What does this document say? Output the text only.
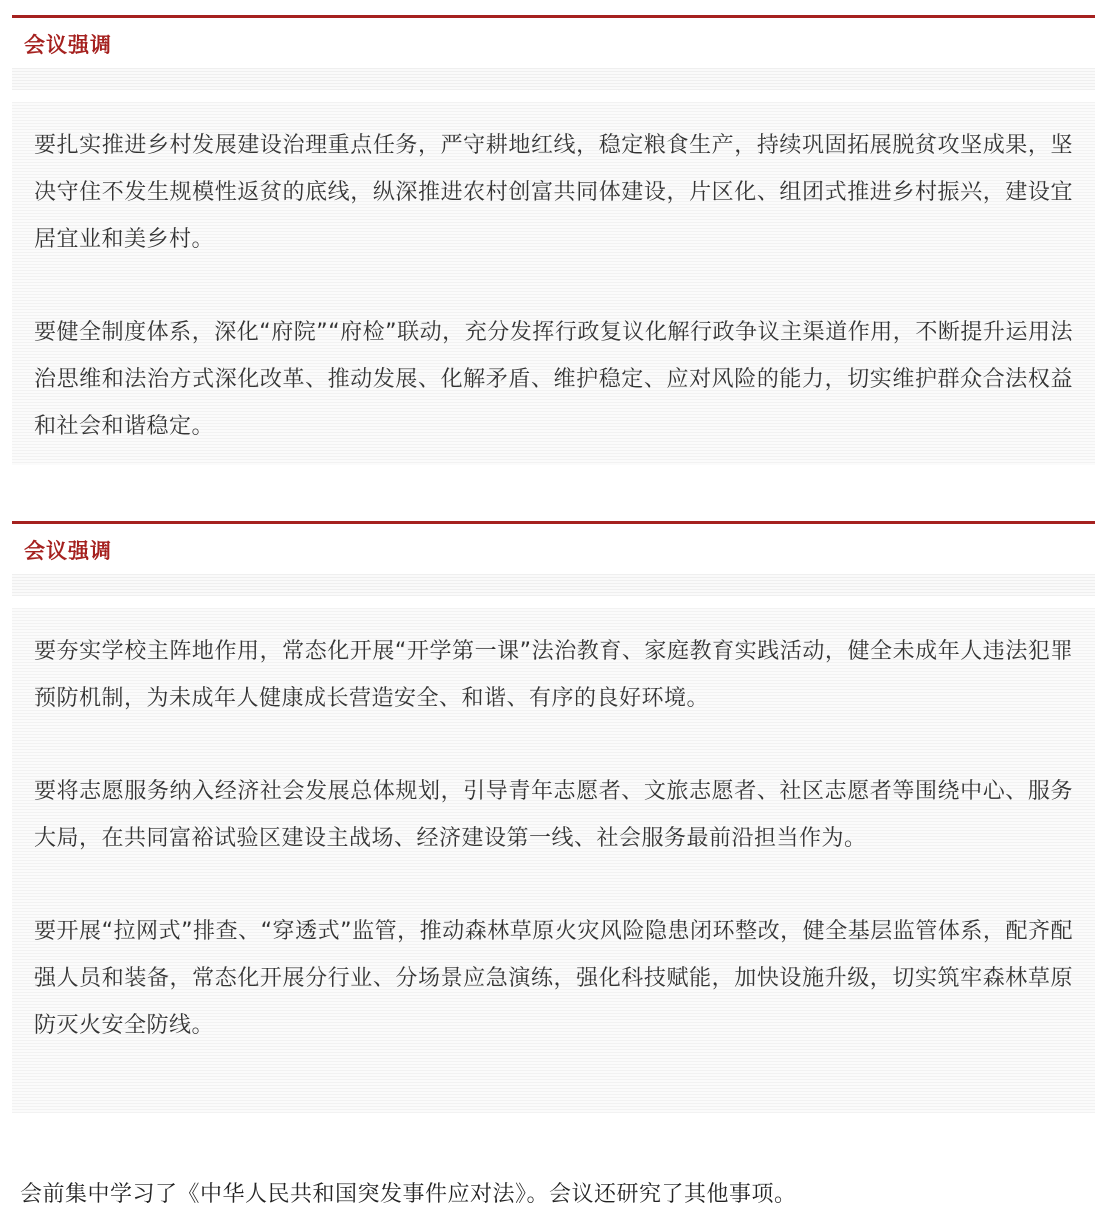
会议强调

要扎实推进乡村发展建设治理重点任务，严守耕地红线，稳定粮食生产，持续巩固拓展脱贫攻坚成果，坚决守住不发生规模性返贫的底线，纵深推进农村创富共同体建设，片区化、组团式推进乡村振兴，建设宜居宜业和美乡村。

要健全制度体系，深化“府院”“府检”联动，充分发挥行政复议化解行政争议主渠道作用，不断提升运用法治思维和法治方式深化改革、推动发展、化解矛盾、维护稳定、应对风险的能力，切实维护群众合法权益和社会和谐稳定。

会议强调

要夯实学校主阵地作用，常态化开展“开学第一课”法治教育、家庭教育实践活动，健全未成年人违法犯罪预防机制，为未成年人健康成长营造安全、和谐、有序的良好环境。

要将志愿服务纳入经济社会发展总体规划，引导青年志愿者、文旅志愿者、社区志愿者等围绕中心、服务大局，在共同富裕试验区建设主战场、经济建设第一线、社会服务最前沿担当作为。

要开展“拉网式”排查、“穿透式”监管，推动森林草原火灾风险隐患闭环整改，健全基层监管体系，配齐配强人员和装备，常态化开展分行业、分场景应急演练，强化科技赋能，加快设施升级，切实筑牢森林草原防灭火安全防线。

会前集中学习了《中华人民共和国突发事件应对法》。会议还研究了其他事项。
